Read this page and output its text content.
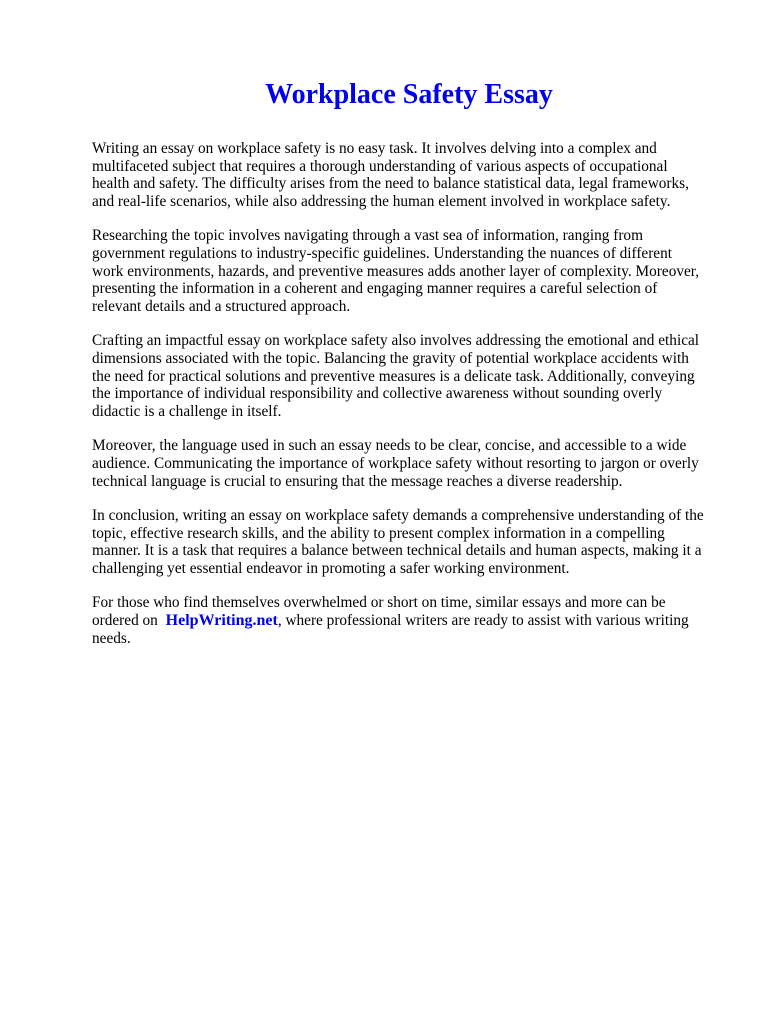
Workplace Safety Essay

Writing an essay on workplace safety is no easy task. It involves delving into a complex and multifaceted subject that requires a thorough understanding of various aspects of occupational health and safety. The difficulty arises from the need to balance statistical data, legal frameworks, and real-life scenarios, while also addressing the human element involved in workplace safety.

Researching the topic involves navigating through a vast sea of information, ranging from government regulations to industry-specific guidelines. Understanding the nuances of different work environments, hazards, and preventive measures adds another layer of complexity. Moreover, presenting the information in a coherent and engaging manner requires a careful selection of relevant details and a structured approach.

Crafting an impactful essay on workplace safety also involves addressing the emotional and ethical dimensions associated with the topic. Balancing the gravity of potential workplace accidents with the need for practical solutions and preventive measures is a delicate task. Additionally, conveying the importance of individual responsibility and collective awareness without sounding overly didactic is a challenge in itself.

Moreover, the language used in such an essay needs to be clear, concise, and accessible to a wide audience. Communicating the importance of workplace safety without resorting to jargon or overly technical language is crucial to ensuring that the message reaches a diverse readership.

In conclusion, writing an essay on workplace safety demands a comprehensive understanding of the topic, effective research skills, and the ability to present complex information in a compelling manner. It is a task that requires a balance between technical details and human aspects, making it a challenging yet essential endeavor in promoting a safer working environment.

For those who find themselves overwhelmed or short on time, similar essays and more can be ordered on HelpWriting.net, where professional writers are ready to assist with various writing needs.
